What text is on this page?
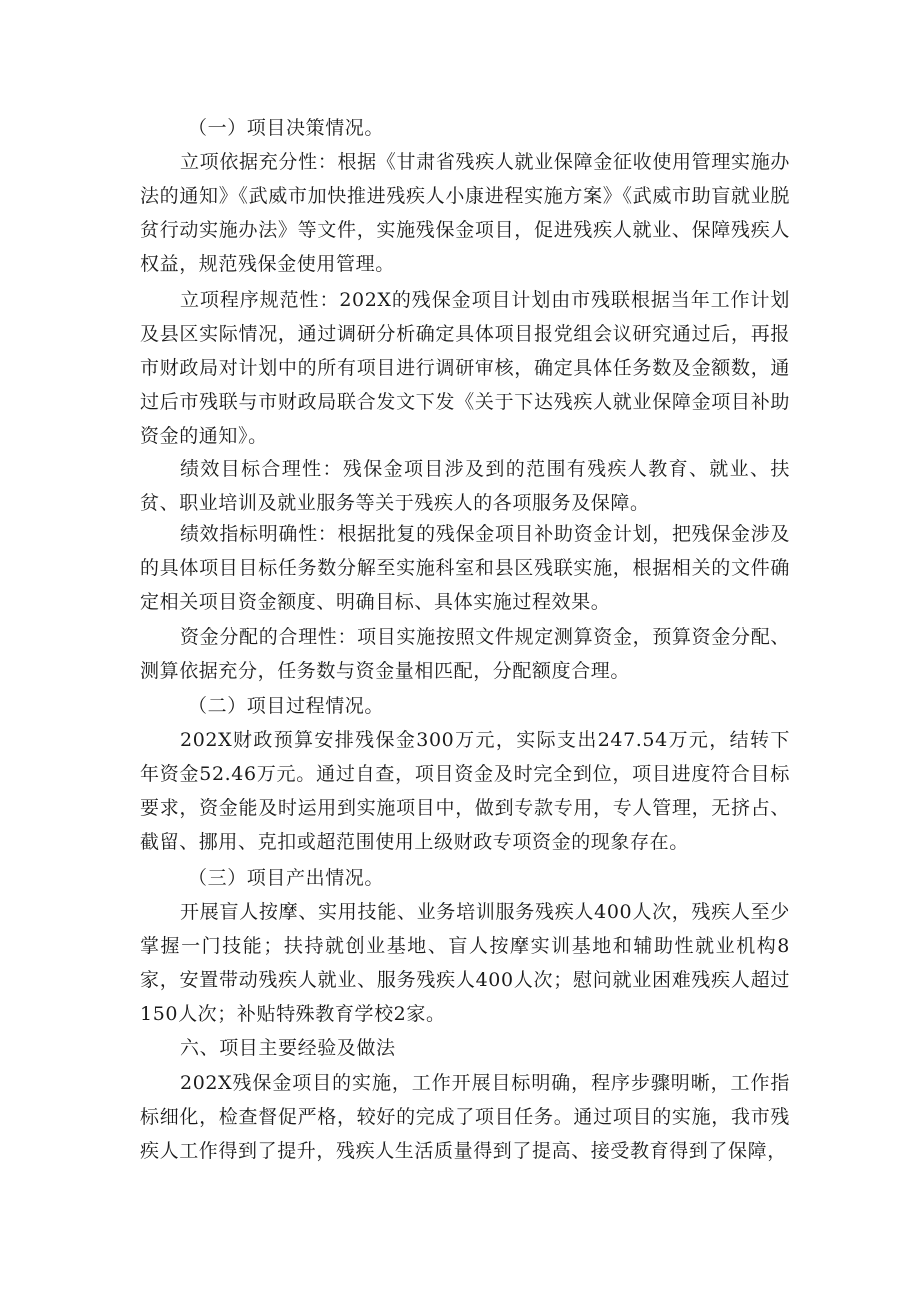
（一）项目决策情况。

立项依据充分性：根据《甘肃省残疾人就业保障金征收使用管理实施办法的通知》《武威市加快推进残疾人小康进程实施方案》《武威市助盲就业脱贫行动实施办法》等文件，实施残保金项目，促进残疾人就业、保障残疾人权益，规范残保金使用管理。

立项程序规范性：202X的残保金项目计划由市残联根据当年工作计划及县区实际情况，通过调研分析确定具体项目报党组会议研究通过后，再报市财政局对计划中的所有项目进行调研审核，确定具体任务数及金额数，通过后市残联与市财政局联合发文下发《关于下达残疾人就业保障金项目补助资金的通知》。

绩效目标合理性：残保金项目涉及到的范围有残疾人教育、就业、扶贫、职业培训及就业服务等关于残疾人的各项服务及保障。

绩效指标明确性：根据批复的残保金项目补助资金计划，把残保金涉及的具体项目目标任务数分解至实施科室和县区残联实施，根据相关的文件确定相关项目资金额度、明确目标、具体实施过程效果。

资金分配的合理性：项目实施按照文件规定测算资金，预算资金分配、测算依据充分，任务数与资金量相匹配，分配额度合理。

（二）项目过程情况。

202X财政预算安排残保金300万元，实际支出247.54万元，结转下年资金52.46万元。通过自查，项目资金及时完全到位，项目进度符合目标要求，资金能及时运用到实施项目中，做到专款专用，专人管理，无挤占、截留、挪用、克扣或超范围使用上级财政专项资金的现象存在。

（三）项目产出情况。

开展盲人按摩、实用技能、业务培训服务残疾人400人次，残疾人至少掌握一门技能；扶持就创业基地、盲人按摩实训基地和辅助性就业机构8家，安置带动残疾人就业、服务残疾人400人次；慰问就业困难残疾人超过150人次；补贴特殊教育学校2家。

六、项目主要经验及做法

202X残保金项目的实施，工作开展目标明确，程序步骤明晰，工作指标细化，检查督促严格，较好的完成了项目任务。通过项目的实施，我市残疾人工作得到了提升，残疾人生活质量得到了提高、接受教育得到了保障，
